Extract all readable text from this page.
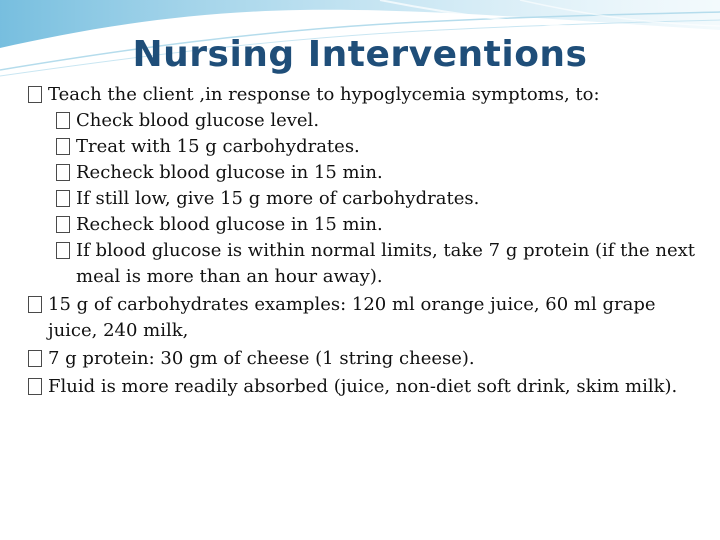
Nursing Interventions

Teach the client ,in response to hypoglycemia symptoms, to:

Check blood glucose level.

Treat with 15 g carbohydrates.

Recheck blood glucose in 15 min.

If still low, give 15 g more of carbohydrates.

Recheck blood glucose in 15 min.

If blood glucose is within normal limits, take 7 g protein (if the next meal is more than an hour away).

15 g of carbohydrates examples: 120 ml orange juice, 60 ml grape juice, 240 milk,

7 g protein: 30 gm of cheese (1 string cheese).

Fluid is more readily absorbed (juice, non-diet soft drink, skim milk).
